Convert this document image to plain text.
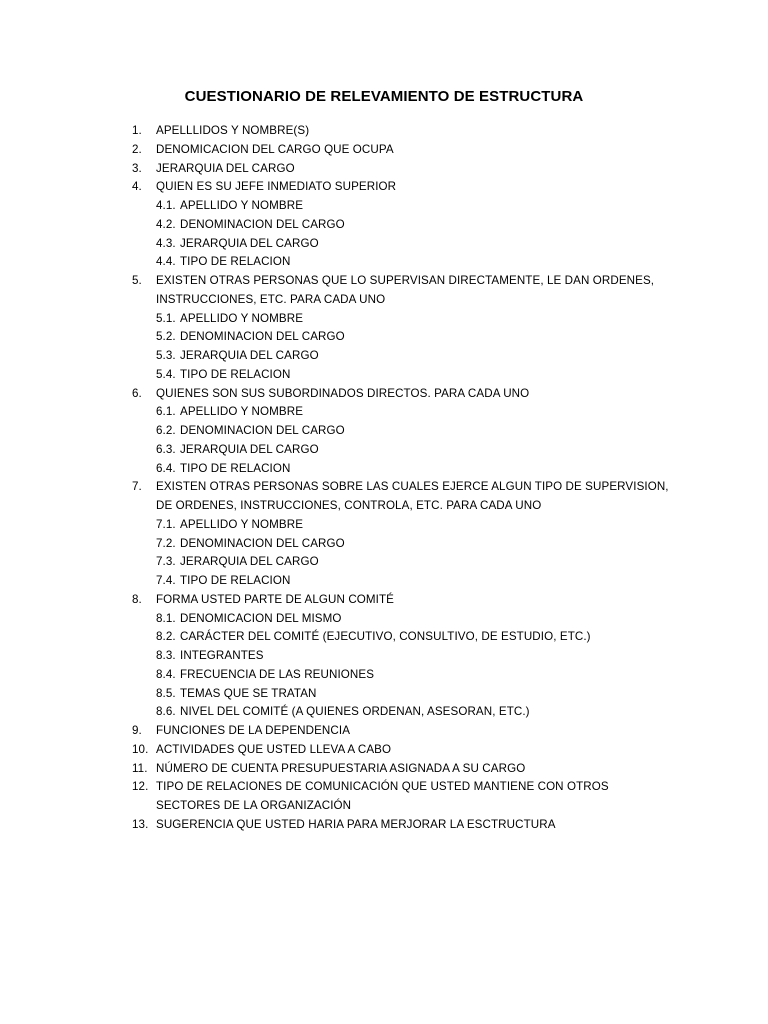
CUESTIONARIO DE RELEVAMIENTO DE ESTRUCTURA
1. APELLLIDOS Y NOMBRE(S)
2. DENOMICACION DEL CARGO QUE OCUPA
3. JERARQUIA DEL CARGO
4. QUIEN ES SU JEFE INMEDIATO SUPERIOR
4.1. APELLIDO Y NOMBRE
4.2. DENOMINACION DEL CARGO
4.3. JERARQUIA DEL CARGO
4.4. TIPO DE RELACION
5. EXISTEN OTRAS PERSONAS QUE LO SUPERVISAN DIRECTAMENTE, LE DAN ORDENES,
INSTRUCCIONES, ETC. PARA CADA UNO
5.1. APELLIDO Y NOMBRE
5.2. DENOMINACION DEL CARGO
5.3. JERARQUIA DEL CARGO
5.4. TIPO DE RELACION
6. QUIENES SON SUS SUBORDINADOS DIRECTOS. PARA CADA UNO
6.1. APELLIDO Y NOMBRE
6.2. DENOMINACION DEL CARGO
6.3. JERARQUIA DEL CARGO
6.4. TIPO DE RELACION
7. EXISTEN OTRAS PERSONAS SOBRE LAS CUALES EJERCE ALGUN TIPO DE SUPERVISION,
DE ORDENES, INSTRUCCIONES, CONTROLA, ETC. PARA CADA UNO
7.1. APELLIDO Y NOMBRE
7.2. DENOMINACION DEL CARGO
7.3. JERARQUIA DEL CARGO
7.4. TIPO DE RELACION
8. FORMA USTED PARTE DE ALGUN COMITÉ
8.1. DENOMICACION DEL MISMO
8.2. CARÁCTER DEL COMITÉ (EJECUTIVO, CONSULTIVO, DE ESTUDIO, ETC.)
8.3. INTEGRANTES
8.4. FRECUENCIA DE LAS REUNIONES
8.5. TEMAS QUE SE TRATAN
8.6. NIVEL DEL COMITÉ (A QUIENES ORDENAN, ASESORAN, ETC.)
9. FUNCIONES DE LA DEPENDENCIA
10. ACTIVIDADES QUE USTED LLEVA A CABO
11. NÚMERO DE CUENTA PRESUPUESTARIA ASIGNADA A SU CARGO
12. TIPO DE RELACIONES DE COMUNICACIÓN QUE USTED MANTIENE CON OTROS
SECTORES DE LA ORGANIZACIÓN
13. SUGERENCIA QUE USTED HARIA PARA MERJORAR LA ESCTRUCTURA
